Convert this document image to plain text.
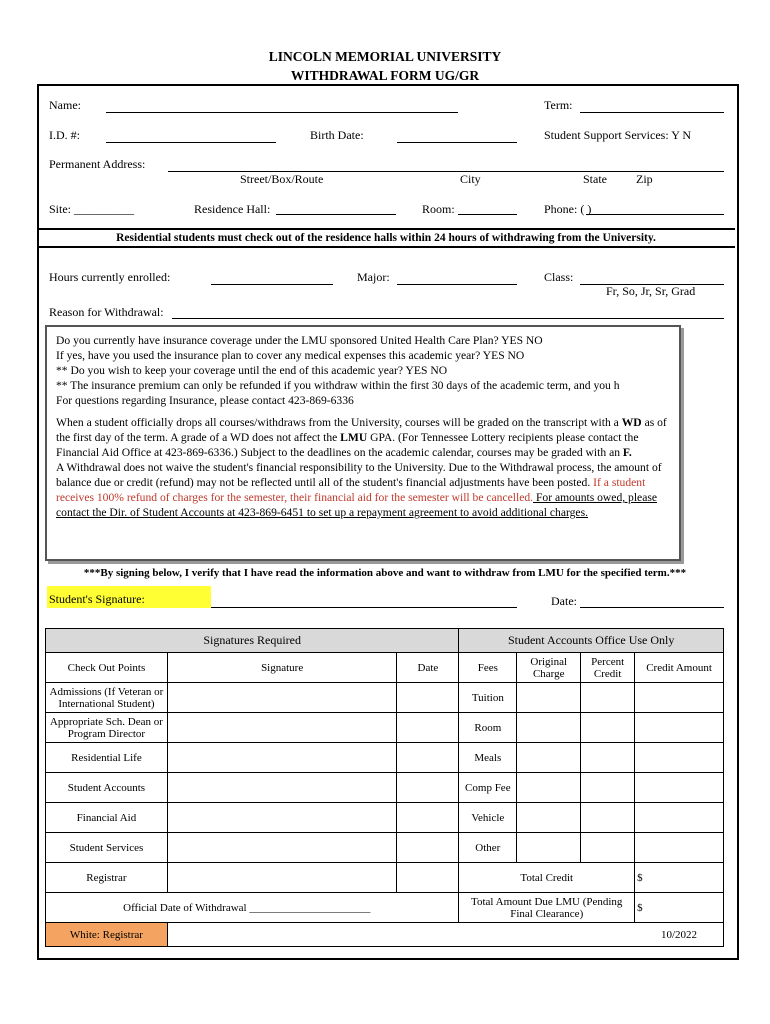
LINCOLN MEMORIAL UNIVERSITY
WITHDRAWAL FORM UG/GR
Name:	Term:
I.D. #:	Birth Date:	Student Support Services: Y N
Permanent Address:
Street/Box/Route	City	State Zip
Site: __________	Residence Hall:	Room:	Phone: ( )
Residential students must check out of the residence halls within 24 hours of withdrawing from the University.
Hours currently enrolled:	Major:	Class:
Fr, So, Jr, Sr, Grad
Reason for Withdrawal:

Do you currently have insurance coverage under the LMU sponsored United Health Care Plan? YES NO

If yes, have you used the insurance plan to cover any medical expenses this academic year? YES NO

** Do you wish to keep your coverage until the end of this academic year? YES NO

** The insurance premium can only be refunded if you withdraw within the first 30 days of the academic term, and you h

For questions regarding Insurance, please contact 423-869-6336

When a student officially drops all courses/withdraws from the University, courses will be graded on the transcript with a WD as of the first day of the term. A grade of a WD does not affect the LMU GPA. (For Tennessee Lottery recipients please contact the Financial Aid Office at 423-869-6336.) Subject to the deadlines on the academic calendar, courses may be graded with an F.

A Withdrawal does not waive the student's financial responsibility to the University. Due to the Withdrawal process, the amount of balance due or credit (refund) may not be reflected until all of the student's financial adjustments have been posted. If a student receives 100% refund of charges for the semester, their financial aid for the semester will be cancelled. For amounts owed, please contact the Dir. of Student Accounts at 423-869-6451 to set up a repayment agreement to avoid additional charges.

***By signing below, I verify that I have read the information above and want to withdraw from LMU for the specified term.***
Student's Signature:	Date:
Signatures Required			Student Accounts Office Use Only			
Check Out Points	Signature	Date	Fees	Original Charge	Percent Credit	Credit Amount
Admissions (If Veteran or International Student)			Tuition			
Appropriate Sch. Dean or Program Director			Room			
Residential Life			Meals			
Student Accounts			Comp Fee			
Financial Aid			Vehicle			
Student Services			Other			
Registrar			Total Credit			$
Official Date of Withdrawal ______________________			Total Amount Due LMU (Pending Final Clearance)			$
White: Registrar	10/2022					
